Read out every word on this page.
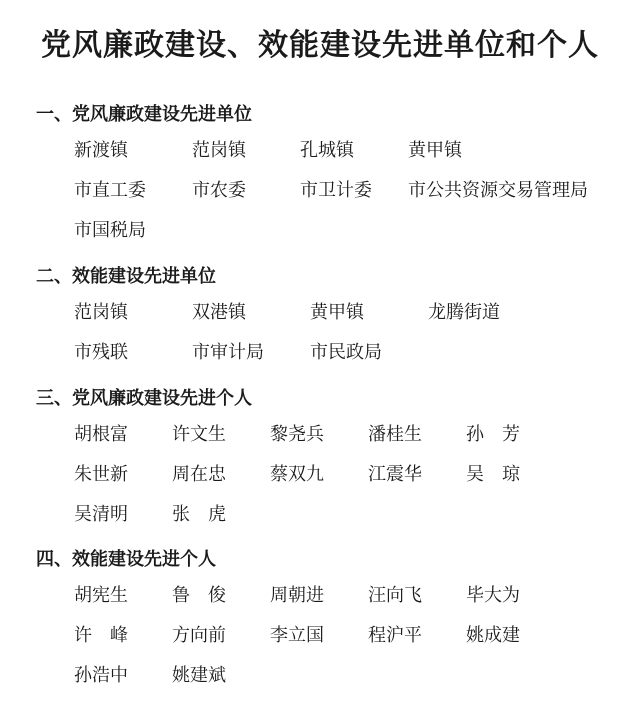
党风廉政建设、效能建设先进单位和个人
一、党风廉政建设先进单位
新渡镇	范岗镇	孔城镇	黄甲镇
市直工委	市农委	市卫计委 市公共资源交易管理局
市国税局
二、效能建设先进单位
范岗镇	双港镇	黄甲镇	龙腾街道
市残联	市审计局	市民政局
三、党风廉政建设先进个人
胡根富 许文生 黎尧兵 潘桂生 孙　芳
朱世新 周在忠 蔡双九 江震华 吴　琼
吴清明 张　虎
四、效能建设先进个人
胡宪生 鲁　俊 周朝进 汪向飞 毕大为
许　峰 方向前 李立国 程沪平 姚成建
孙浩中 姚建斌
